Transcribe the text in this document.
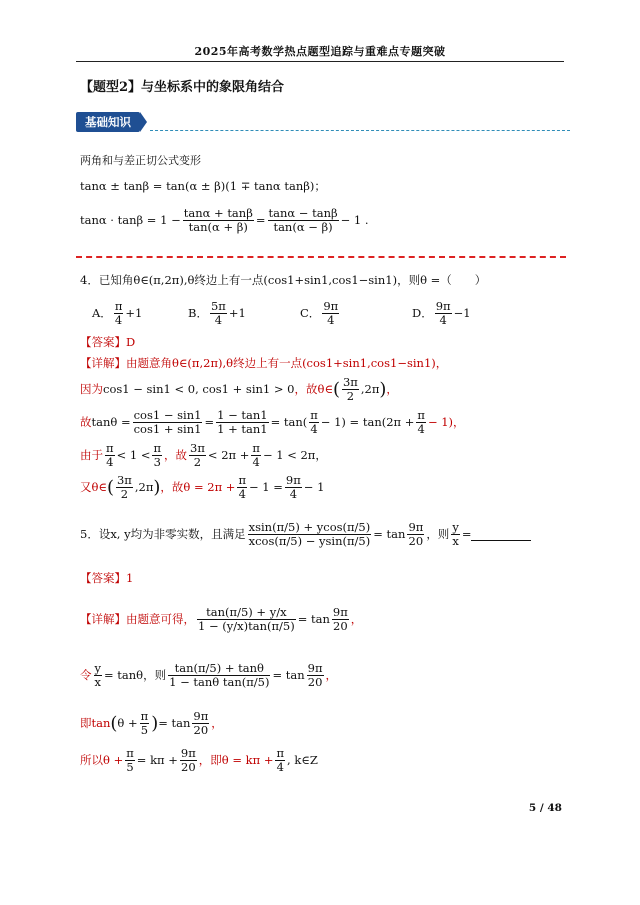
2025年高考数学热点题型追踪与重难点专题突破
【题型2】与坐标系中的象限角结合
基础知识
两角和与差正切公式变形
tanα ± tanβ = tan(α ± β)(1 ∓ tanα tanβ)；
$\tan\alpha \cdot \tan\beta = 1 - \frac{\tan\alpha + \tan\beta}{\tan(\alpha + \beta)} = \frac{\tan\alpha - \tan\beta}{\tan(\alpha - \beta)} - 1$ .
4．已知角θ∈(π,2π),θ终边上有一点(cos1+sin1,cos1−sin1)，则θ =（　　）
A． $\frac{\pi}{4} +1$	B． $\frac{5\pi}{4} +1$	C． $\frac{9\pi}{4}$	D． $\frac{9\pi}{4} -1$
【答案】D
【详解】由题意角θ∈(π,2π),θ终边上有一点(cos1+sin1,cos1−sin1)，
因为 cos1 − sin1 < 0, cos1 + sin1 > 0 ，故θ∈ ( $\frac{3\pi}{2} ,2\pi$ ) ，
故 $\tan\theta = \frac{\cos 1 - \sin 1}{\cos 1 + \sin 1} = \frac{1 - \tan 1}{1 + \tan 1} = \tan( \frac{\pi}{4} - 1) = \tan(2\pi + \frac{\pi}{4} - 1)$，
由于 $\frac{\pi}{4} < 1 < \frac{\pi}{3}$ ，故 $\frac{3\pi}{2} < 2\pi + \frac{\pi}{4} - 1 < 2\pi$，
又θ∈ ( $\frac{3\pi}{2} ,2\pi$ ) ，故$\theta = 2\pi + \frac{\pi}{4} - 1 = \frac{9\pi}{4} - 1$
5．设x, y均为非零实数，且满足 $\frac{xsin(\pi/5) + ycos(\pi/5)}{xcos(\pi/5) - ysin(\pi/5)} = \tan \frac{9\pi}{20}$ ，则 $\frac{y}{x}$ =
【答案】1
【详解】由题意可得， $\frac{\tan(\pi/5) + y/x}{1 - (y/x)\tan(\pi/5)} = \tan \frac{9\pi}{20}$ ，
令 $\frac{y}{x} = \tan\theta$，则 $\frac{\tan(\pi/5) + \tan\theta}{\text{1 − tanθ tan(π/5)}} = \tan \frac{9\pi}{20}$ ，
即tan ( $\theta + \frac{\pi}{5}$ ) = $\tan \frac{9\pi}{20}$ ，
所以$\theta + \frac{\pi}{5} = k\pi + \frac{9\pi}{20}$ ，即$\theta = k\pi + \frac{\pi}{4}$ , k∈Z
5 / 48
